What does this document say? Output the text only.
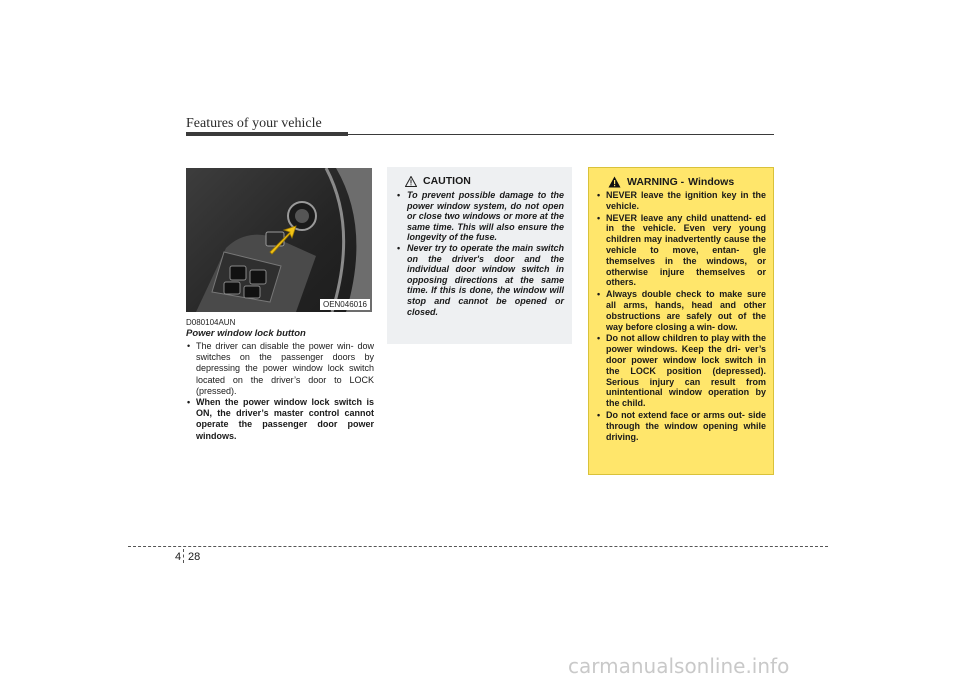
Features of your vehicle
OEN046016
D080104AUN
Power window lock button
• The driver can disable the power win- dow switches on the passenger doors by depressing the power window lock switch located on the driver’s door to LOCK (pressed).
• When the power window lock switch is ON, the driver’s master control cannot operate the passenger door power windows.
CAUTION
• To prevent possible damage to the power window system, do not open or close two windows or more at the same time. This will also ensure the longevity of the fuse.
• Never try to operate the main switch on the driver's door and the individual door window switch in opposing directions at the same time. If this is done, the window will stop and cannot be opened or closed.
WARNING - Windows
• NEVER leave the ignition key in the vehicle.
• NEVER leave any child unattend- ed in the vehicle. Even very young children may inadvertently cause the vehicle to move, entan- gle themselves in the windows, or otherwise injure themselves or others.
• Always double check to make sure all arms, hands, head and other obstructions are safely out of the way before closing a win- dow.
• Do not allow children to play with the power windows. Keep the dri- ver’s door power window lock switch in the LOCK position (depressed). Serious injury can result from unintentional window operation by the child.
• Do not extend face or arms out- side through the window opening while driving.
4 28
carmanualsonline.info
